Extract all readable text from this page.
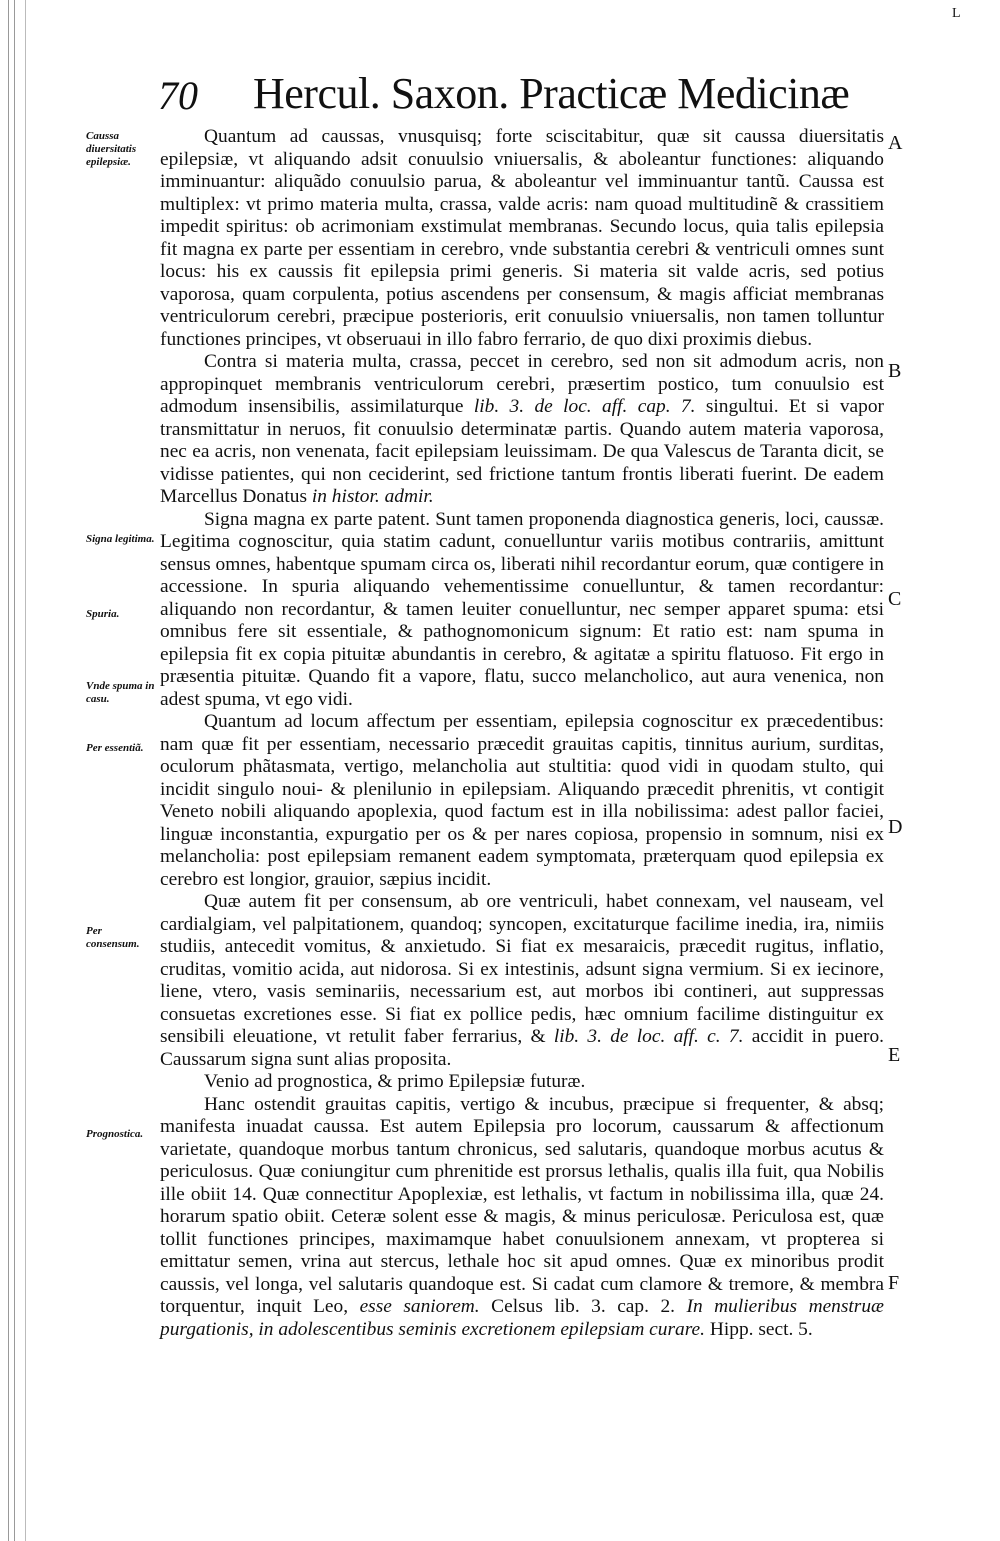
L
70 Hercul. Saxon. Practicæ Medicinæ
Caussa diuersitatis epilepsiæ.
Signa legitima.
Spuria.
Vnde spuma in casu.
Per essentiã.
Per consensum.
Prognostica.
A
B
C
D
E
F

Quantum ad caussas, vnusquisq; forte sciscitabitur, quæ sit caussa diuersitatis epilepsiæ, vt aliquando adsit conuulsio vniuersalis, & aboleantur functiones: aliquando imminuantur: aliquãdo conuulsio parua, & aboleantur vel imminuantur tantũ. Caussa est multiplex: vt primo materia multa, crassa, valde acris: nam quoad multitudinẽ & crassitiem impedit spiritus: ob acrimoniam exstimulat membranas. Secundo locus, quia talis epilepsia fit magna ex parte per essentiam in cerebro, vnde substantia cerebri & ventriculi omnes sunt locus: his ex caussis fit epilepsia primi generis. Si materia sit valde acris, sed potius vaporosa, quam corpulenta, potius ascendens per consensum, & magis afficiat membranas ventriculorum cerebri, præcipue posterioris, erit conuulsio vniuersalis, non tamen tolluntur functiones principes, vt obseruaui in illo fabro ferrario, de quo dixi proximis diebus.

Contra si materia multa, crassa, peccet in cerebro, sed non sit admodum acris, non appropinquet membranis ventriculorum cerebri, præsertim postico, tum conuulsio est admodum insensibilis, assimilaturque lib. 3. de loc. aff. cap. 7. singultui. Et si vapor transmittatur in neruos, fit conuulsio determinatæ partis. Quando autem materia vaporosa, nec ea acris, non venenata, facit epilepsiam leuissimam. De qua Valescus de Taranta dicit, se vidisse patientes, qui non ceciderint, sed frictione tantum frontis liberati fuerint. De eadem Marcellus Donatus in histor. admir.

Signa magna ex parte patent. Sunt tamen proponenda diagnostica generis, loci, caussæ. Legitima cognoscitur, quia statim cadunt, conuelluntur variis motibus contrariis, amittunt sensus omnes, habentque spumam circa os, liberati nihil recordantur eorum, quæ contigere in accessione. In spuria aliquando vehementissime conuelluntur, & tamen recordantur: aliquando non recordantur, & tamen leuiter conuelluntur, nec semper apparet spuma: etsi omnibus fere sit essentiale, & pathognomonicum signum: Et ratio est: nam spuma in epilepsia fit ex copia pituitæ abundantis in cerebro, & agitatæ a spiritu flatuoso. Fit ergo in præsentia pituitæ. Quando fit a vapore, flatu, succo melancholico, aut aura venenica, non adest spuma, vt ego vidi.

Quantum ad locum affectum per essentiam, epilepsia cognoscitur ex præcedentibus: nam quæ fit per essentiam, necessario præcedit grauitas capitis, tinnitus aurium, surditas, oculorum phãtasmata, vertigo, melancholia aut stultitia: quod vidi in quodam stulto, qui incidit singulo noui- & plenilunio in epilepsiam. Aliquando præcedit phrenitis, vt contigit Veneto nobili aliquando apoplexia, quod factum est in illa nobilissima: adest pallor faciei, linguæ inconstantia, expurgatio per os & per nares copiosa, propensio in somnum, nisi ex melancholia: post epilepsiam remanent eadem symptomata, præterquam quod epilepsia ex cerebro est longior, grauior, sæpius incidit.

Quæ autem fit per consensum, ab ore ventriculi, habet connexam, vel nauseam, vel cardialgiam, vel palpitationem, quandoq; syncopen, excitaturque facilime inedia, ira, nimiis studiis, antecedit vomitus, & anxietudo. Si fiat ex mesaraicis, præcedit rugitus, inflatio, cruditas, vomitio acida, aut nidorosa. Si ex intestinis, adsunt signa vermium. Si ex iecinore, liene, vtero, vasis seminariis, necessarium est, aut morbos ibi contineri, aut suppressas consuetas excretiones esse. Si fiat ex pollice pedis, hæc omnium facilime distinguitur ex sensibili eleuatione, vt retulit faber ferrarius, & lib. 3. de loc. aff. c. 7. accidit in puero. Caussarum signa sunt alias proposita.

Venio ad prognostica, & primo Epilepsiæ futuræ.

Hanc ostendit grauitas capitis, vertigo & incubus, præcipue si frequenter, & absq; manifesta inuadat caussa. Est autem Epilepsia pro locorum, caussarum & affectionum varietate, quandoque morbus tantum chronicus, sed salutaris, quandoque morbus acutus & periculosus. Quæ coniungitur cum phrenitide est prorsus lethalis, qualis illa fuit, qua Nobilis ille obiit 14. Quæ connectitur Apoplexiæ, est lethalis, vt factum in nobilissima illa, quæ 24. horarum spatio obiit. Ceteræ solent esse & magis, & minus periculosæ. Periculosa est, quæ tollit functiones principes, maximamque habet conuulsionem annexam, vt propterea si emittatur semen, vrina aut stercus, lethale hoc sit apud omnes. Quæ ex minoribus prodit caussis, vel longa, vel salutaris quandoque est. Si cadat cum clamore & tremore, & membra torquentur, inquit Leo, esse saniorem. Celsus lib. 3. cap. 2. In mulieribus menstruæ purgationis, in adolescentibus seminis excretionem epilepsiam curare. Hipp. sect. 5.
